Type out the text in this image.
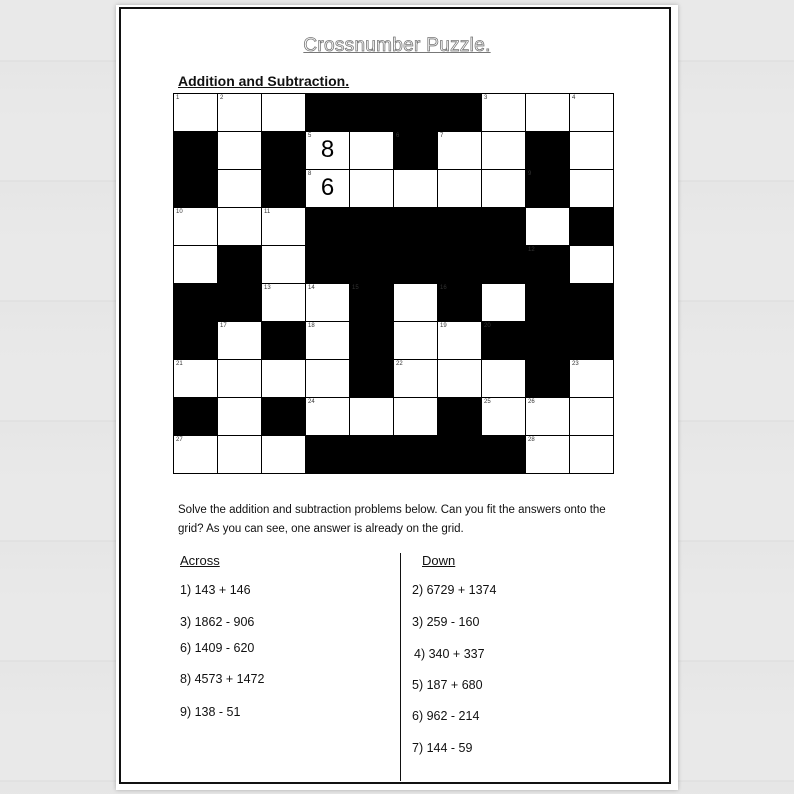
Crossnumber Puzzle.
Addition and Subtraction.
1	2	3	4
5 8	6	7
8 6	9
10	11	7
12
13	14	15	16
17	18	19	20
21	22	23
24	25	26
27	28
Solve the addition and subtraction problems below. Can you fit the answers onto the grid? As you can see, one answer is already on the grid.
Across	Down
1) 143 + 146
3) 1862 - 906
6) 1409 - 620
8) 4573 + 1472
9) 138 - 51
2) 6729 + 1374
3) 259 - 160
4) 340 + 337
5) 187 + 680
6) 962 - 214
7) 144 - 59
